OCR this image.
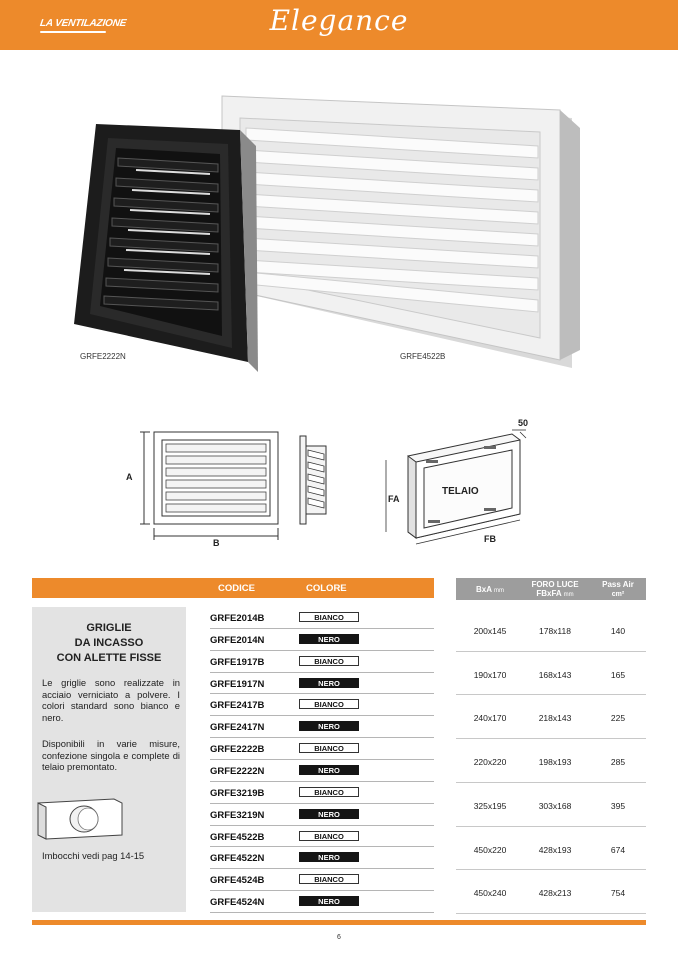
LA VENTILAZIONE	Elegance
GRFE2222N	GRFE4522B
A
B
TELAIO
FA
FB
50
CODICE	COLORE	BxA mm
FORO LUCE
FBxFA mm
Pass Air
cm²
GRIGLIE
DA INCASSO
CON ALETTE FISSE
Le griglie sono realizzate in acciaio verniciato a polvere. I colori standard sono bianco e nero.
Disponibili in varie misure, confezione singola e complete di telaio premontato.
Imbocchi vedi pag 14-15
GRFE2014B	BIANCO
GRFE2014N	NERO
GRFE1917B	BIANCO
GRFE1917N	NERO
GRFE2417B	BIANCO
GRFE2417N	NERO
GRFE2222B	BIANCO
GRFE2222N	NERO
GRFE3219B	BIANCO
GRFE3219N	NERO
GRFE4522B	BIANCO
GRFE4522N	NERO
GRFE4524B	BIANCO
GRFE4524N	NERO
200x145	178x118	140
190x170	168x143	165
240x170	218x143	225
220x220	198x193	285
325x195	303x168	395
450x220	428x193	674
450x240	428x213	754
6
